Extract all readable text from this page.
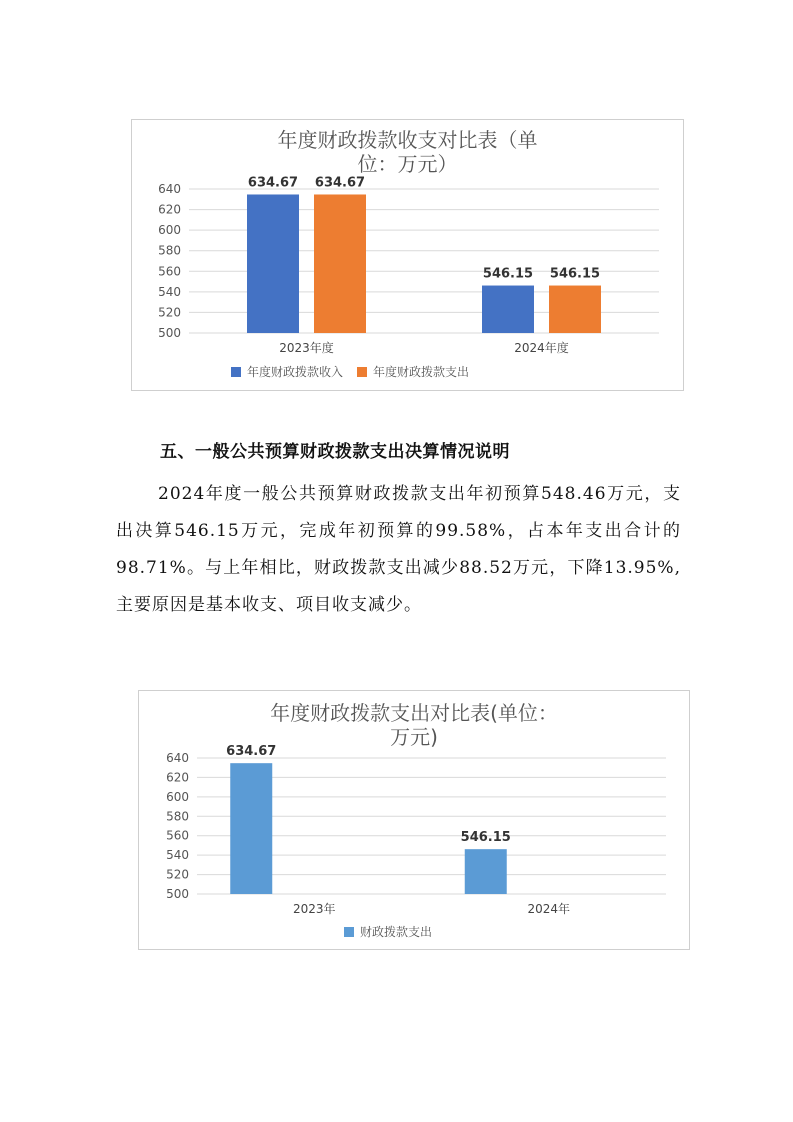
年度财政拨款收支对比表（单
位：万元）
500
520
540
560
580
600
620
640
2023年度
634.67 634.67
2024年度
546.15 546.15
年度财政拨款收入 年度财政拨款支出
五、一般公共预算财政拨款支出决算情况说明
2024年度一般公共预算财政拨款支出年初预算548.46万元，支出决算546.15万元，完成年初预算的99.58%，占本年支出合计的98.71%。与上年相比，财政拨款支出减少88.52万元，下降13.95%,主要原因是基本收支、项目收支减少。
年度财政拨款支出对比表(单位：
万元)
500
520
540
560
580
600
620
640
2023年
634.67
2024年
546.15
财政拨款支出
